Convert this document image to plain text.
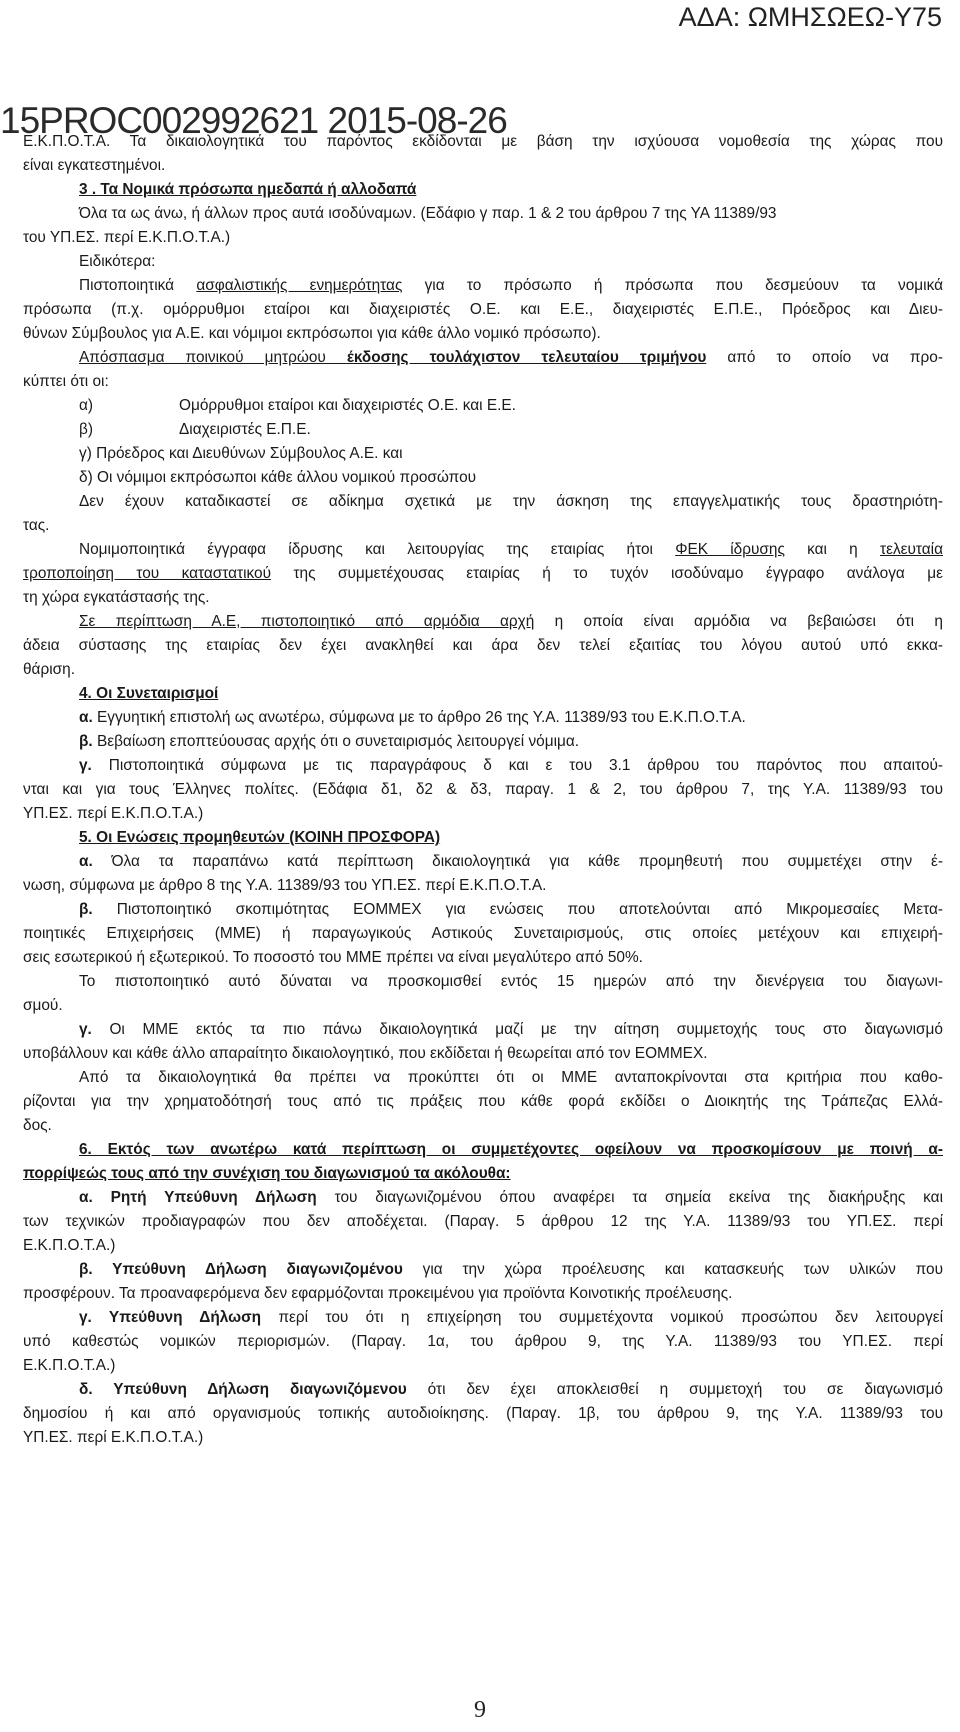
ΑΔΑ: ΩΜΗΣΩΕΩ-Υ75
15PROC002992621 2015-08-26
Ε.Κ.Π.Ο.Τ.Α. Τα δικαιολογητικά του παρόντος εκδίδονται με βάση την ισχύουσα νομοθεσία της χώρας που
είναι εγκατεστημένοι.
3 . Τα Νομικά πρόσωπα ημεδαπά ή αλλοδαπά
Όλα τα ως άνω, ή άλλων προς αυτά ισοδύναμων. (Εδάφιο γ παρ. 1 & 2 του άρθρου 7 της ΥΑ 11389/93
του ΥΠ.ΕΣ. περί Ε.Κ.Π.Ο.Τ.Α.)
Ειδικότερα:
Πιστοποιητικά ασφαλιστικής ενημερότητας για το πρόσωπο ή πρόσωπα που δεσμεύουν τα νομικά
πρόσωπα (π.χ. ομόρρυθμοι εταίροι και διαχειριστές Ο.Ε. και Ε.Ε., διαχειριστές Ε.Π.Ε., Πρόεδρος και Διευ-
θύνων Σύμβουλος για Α.Ε. και νόμιμοι εκπρόσωποι για κάθε άλλο νομικό πρόσωπο).
Απόσπασμα ποινικού μητρώου έκδοσης τουλάχιστον τελευταίου τριμήνου από το οποίο να προ-
κύπτει ότι οι:
α)	Ομόρρυθμοι εταίροι και διαχειριστές Ο.Ε. και Ε.Ε.
β)	Διαχειριστές Ε.Π.Ε.
γ) Πρόεδρος και Διευθύνων Σύμβουλος Α.Ε. και
δ) Οι νόμιμοι εκπρόσωποι κάθε άλλου νομικού προσώπου
Δεν έχουν καταδικαστεί σε αδίκημα σχετικά με την άσκηση της επαγγελματικής τους δραστηριότη-
τας.
Νομιμοποιητικά έγγραφα ίδρυσης και λειτουργίας της εταιρίας ήτοι ΦΕΚ ίδρυσης και η τελευταία
τροποποίηση του καταστατικού της συμμετέχουσας εταιρίας ή το τυχόν ισοδύναμο έγγραφο ανάλογα με
τη χώρα εγκατάστασής της.
Σε περίπτωση Α.Ε, πιστοποιητικό από αρμόδια αρχή η οποία είναι αρμόδια να βεβαιώσει ότι η
άδεια σύστασης της εταιρίας δεν έχει ανακληθεί και άρα δεν τελεί εξαιτίας του λόγου αυτού υπό εκκα-
θάριση.
4. Οι Συνεταιρισμοί
α. Εγγυητική επιστολή ως ανωτέρω, σύμφωνα με το άρθρο 26 της Υ.Α. 11389/93 του Ε.Κ.Π.Ο.Τ.Α.
β. Βεβαίωση εποπτεύουσας αρχής ότι ο συνεταιρισμός λειτουργεί νόμιμα.
γ. Πιστοποιητικά σύμφωνα με τις παραγράφους δ και ε του 3.1 άρθρου του παρόντος που απαιτού-
νται και για τους Έλληνες πολίτες. (Εδάφια δ1, δ2 & δ3, παραγ. 1 & 2, του άρθρου 7, της Υ.Α. 11389/93 του
ΥΠ.ΕΣ. περί Ε.Κ.Π.Ο.Τ.Α.)
5. Οι Ενώσεις προμηθευτών (ΚΟΙΝΗ ΠΡΟΣΦΟΡΑ)
α. Όλα τα παραπάνω κατά περίπτωση δικαιολογητικά για κάθε προμηθευτή που συμμετέχει στην έ-
νωση, σύμφωνα με άρθρο 8 της Υ.Α. 11389/93 του ΥΠ.ΕΣ. περί Ε.Κ.Π.Ο.Τ.Α.
β. Πιστοποιητικό σκοπιμότητας ΕΟΜΜΕΧ για ενώσεις που αποτελούνται από Μικρομεσαίες Μετα-
ποιητικές Επιχειρήσεις (ΜΜΕ) ή παραγωγικούς Αστικούς Συνεταιρισμούς, στις οποίες μετέχουν και επιχειρή-
σεις εσωτερικού ή εξωτερικού. Το ποσοστό του ΜΜΕ πρέπει να είναι μεγαλύτερο από 50%.
Το πιστοποιητικό αυτό δύναται να προσκομισθεί εντός 15 ημερών από την διενέργεια του διαγωνι-
σμού.
γ. Οι ΜΜΕ εκτός τα πιο πάνω δικαιολογητικά μαζί με την αίτηση συμμετοχής τους στο διαγωνισμό
υποβάλλουν και κάθε άλλο απαραίτητο δικαιολογητικό, που εκδίδεται ή θεωρείται από τον ΕΟΜΜΕΧ.
Από τα δικαιολογητικά θα πρέπει να προκύπτει ότι οι ΜΜΕ ανταποκρίνονται στα κριτήρια που καθο-
ρίζονται για την χρηματοδότησή τους από τις πράξεις που κάθε φορά εκδίδει ο Διοικητής της Τράπεζας Ελλά-
δος.
6. Εκτός των ανωτέρω κατά περίπτωση οι συμμετέχοντες οφείλουν να προσκομίσουν με ποινή α-
πορρίψεώς τους από την συνέχιση του διαγωνισμού τα ακόλουθα:
α. Ρητή Υπεύθυνη Δήλωση του διαγωνιζομένου όπου αναφέρει τα σημεία εκείνα της διακήρυξης και
των τεχνικών προδιαγραφών που δεν αποδέχεται. (Παραγ. 5 άρθρου 12 της Υ.Α. 11389/93 του ΥΠ.ΕΣ. περί
Ε.Κ.Π.Ο.Τ.Α.)
β. Υπεύθυνη Δήλωση διαγωνιζομένου για την χώρα προέλευσης και κατασκευής των υλικών που
προσφέρουν. Τα προαναφερόμενα δεν εφαρμόζονται προκειμένου για προϊόντα Κοινοτικής προέλευσης.
γ. Υπεύθυνη Δήλωση περί του ότι η επιχείρηση του συμμετέχοντα νομικού προσώπου δεν λειτουργεί
υπό καθεστώς νομικών περιορισμών. (Παραγ. 1α, του άρθρου 9, της Υ.Α. 11389/93 του ΥΠ.ΕΣ. περί
Ε.Κ.Π.Ο.Τ.Α.)
δ. Υπεύθυνη Δήλωση διαγωνιζόμενου ότι δεν έχει αποκλεισθεί η συμμετοχή του σε διαγωνισμό
δημοσίου ή και από οργανισμούς τοπικής αυτοδιοίκησης. (Παραγ. 1β, του άρθρου 9, της Υ.Α. 11389/93 του
ΥΠ.ΕΣ. περί Ε.Κ.Π.Ο.Τ.Α.)
9
